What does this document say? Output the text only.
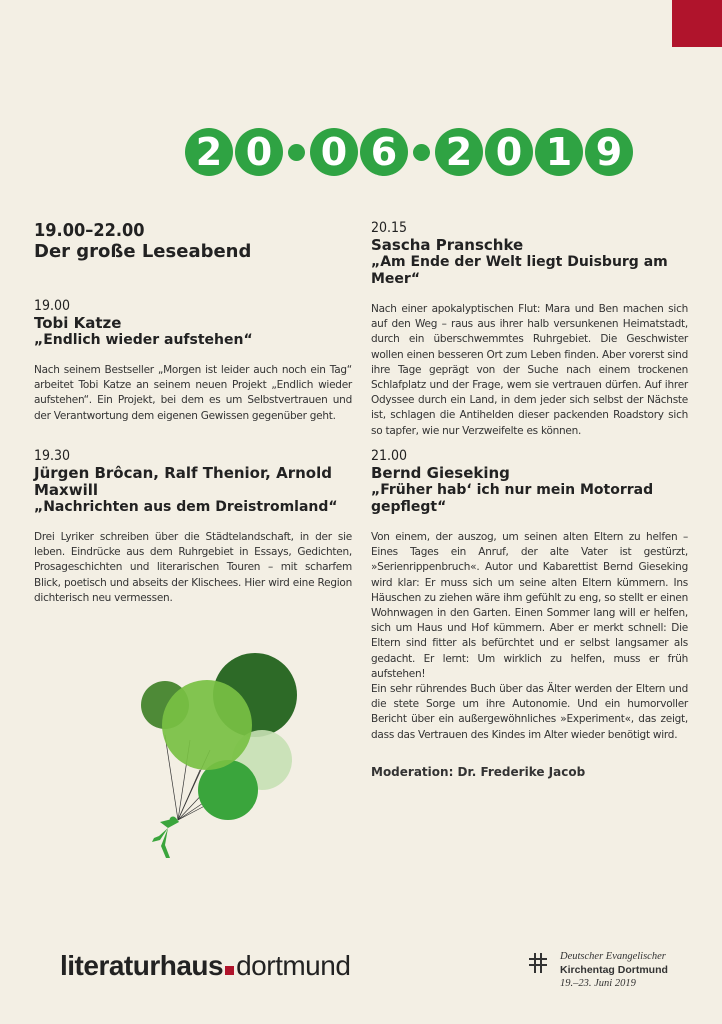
2 0 0 6 2 0 1 9
19.00–22.00
Der große Leseabend
19.00
Tobi Katze
„Endlich wieder aufstehen“
Nach seinem Bestseller „Morgen ist leider auch noch ein Tag“ arbeitet Tobi Katze an seinem neuen Projekt „Endlich wieder aufstehen“. Ein Projekt, bei dem es um Selbstvertrauen und der Verantwortung dem eigenen Gewissen gegenüber geht.
19.30
Jürgen Brôcan, Ralf Thenior, Arnold Maxwill
„Nachrichten aus dem Dreistromland“
Drei Lyriker schreiben über die Städtelandschaft, in der sie leben. Eindrücke aus dem Ruhrgebiet in Essays, Gedichten, Prosageschichten und literarischen Touren – mit scharfem Blick, poetisch und abseits der Klischees. Hier wird eine Region dichterisch neu vermessen.
20.15
Sascha Pranschke
„Am Ende der Welt liegt Duisburg am Meer“
Nach einer apokalyptischen Flut: Mara und Ben machen sich auf den Weg – raus aus ihrer halb versunkenen Heimatstadt, durch ein überschwemmtes Ruhrgebiet. Die Geschwister wollen einen besseren Ort zum Leben finden. Aber vorerst sind ihre Tage geprägt von der Suche nach einem trockenen Schlafplatz und der Frage, wem sie vertrauen dürfen. Auf ihrer Odyssee durch ein Land, in dem jeder sich selbst der Nächste ist, schlagen die Antihelden dieser packenden Roadstory sich so tapfer, wie nur Verzweifelte es können.
21.00
Bernd Gieseking
„Früher hab‘ ich nur mein Motorrad gepflegt“
Von einem, der auszog, um seinen alten Eltern zu helfen – Eines Tages ein Anruf, der alte Vater ist gestürzt, »Serienrippenbruch«. Autor und Kabarettist Bernd Gieseking wird klar: Er muss sich um seine alten Eltern kümmern. Ins Häuschen zu ziehen wäre ihm gefühlt zu eng, so stellt er einen Wohnwagen in den Garten. Einen Sommer lang will er helfen, sich um Haus und Hof kümmern. Aber er merkt schnell: Die Eltern sind fitter als befürchtet und er selbst langsamer als gedacht. Er lernt: Um wirklich zu helfen, muss er früh aufstehen!
Ein sehr rührendes Buch über das Älter werden der Eltern und die stete Sorge um ihre Autonomie. Und ein humorvoller Bericht über ein außergewöhnliches »Experiment«, das zeigt, dass das Vertrauen des Kindes im Alter wieder benötigt wird.
Moderation: Dr. Frederike Jacob
literaturhaus dortmund	Deutscher Evangelischer
Kirchentag Dortmund
19.–23. Juni 2019
